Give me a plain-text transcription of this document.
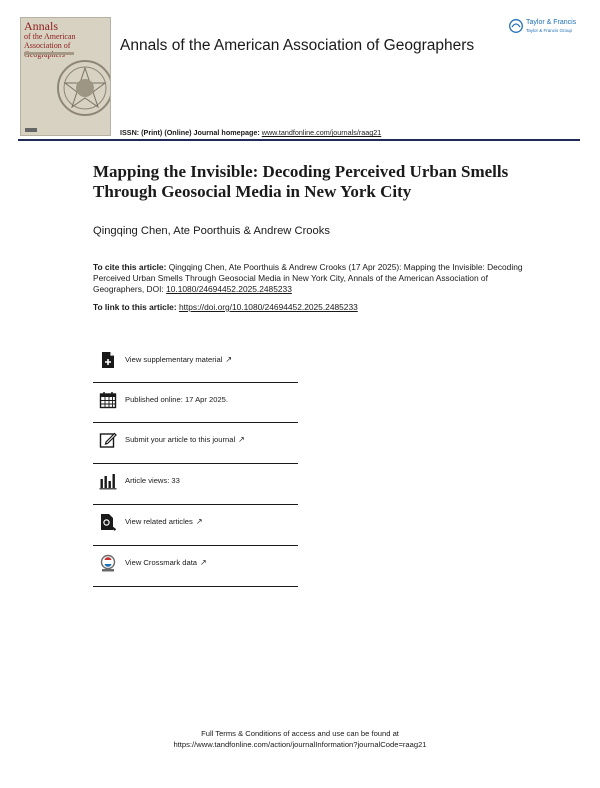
Annals
of the American
Association of	Annals of the American Association of Geographers
Taylor & Francis
Taylor & Francis Group
ISSN: (Print) (Online) Journal homepage: www.tandfonline.com/journals/raag21
Mapping the Invisible: Decoding Perceived Urban Smells Through Geosocial Media in New York City
Qingqing Chen, Ate Poorthuis & Andrew Crooks
To cite this article: Qingqing Chen, Ate Poorthuis & Andrew Crooks (17 Apr 2025): Mapping the Invisible: Decoding Perceived Urban Smells Through Geosocial Media in New York City, Annals of the American Association of Geographers, DOI: 10.1080/24694452.2025.2485233
To link to this article: https://doi.org/10.1080/24694452.2025.2485233
View supplementary material ↗
Published online: 17 Apr 2025.
Submit your article to this journal ↗
Article views: 33
View related articles ↗
View Crossmark data ↗
Full Terms & Conditions of access and use can be found at
https://www.tandfonline.com/action/journalInformation?journalCode=raag21
